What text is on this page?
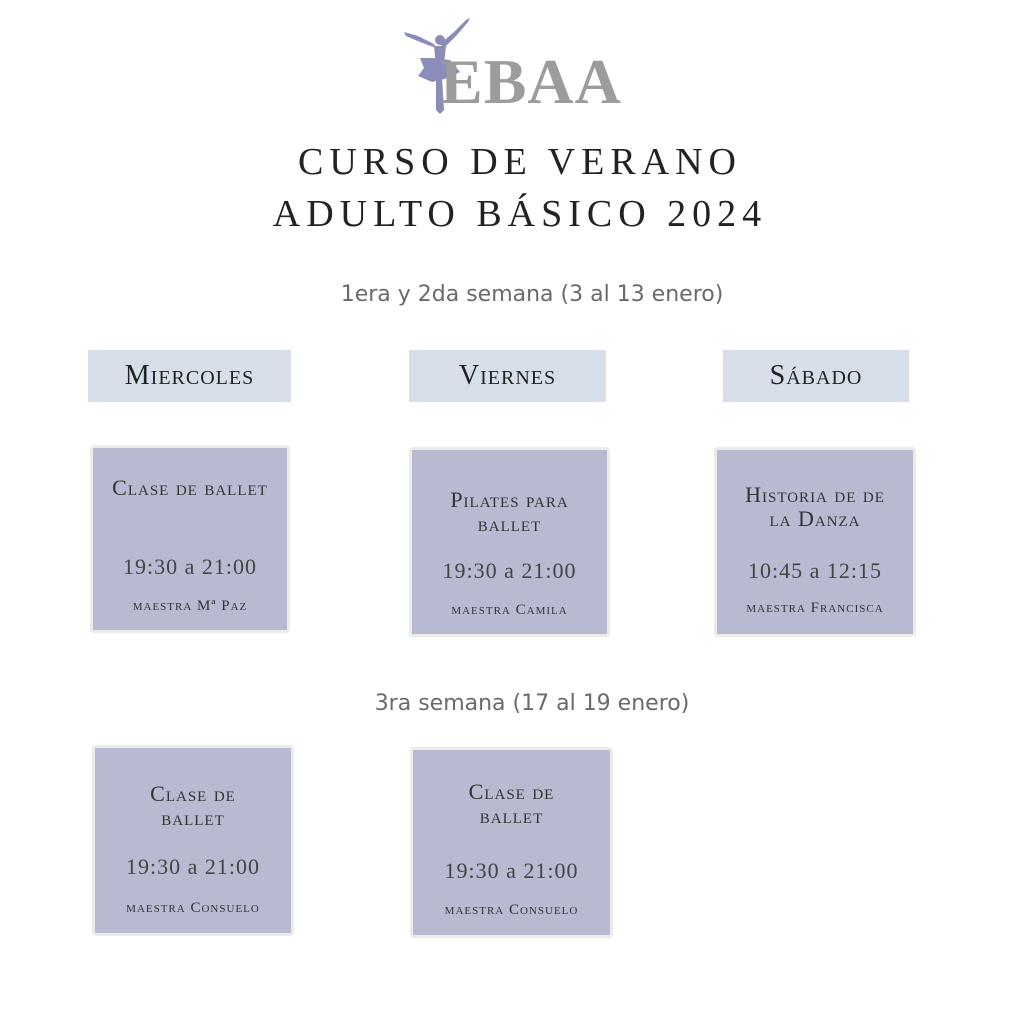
EBAA
CURSO DE VERANO
ADULTO BÁSICO 2024
1era y 2da semana (3 al 13 enero)
Miercoles	Viernes	Sábado
Clase de ballet
19:30 a 21:00
maestra Mª Paz
Pilates para ballet
19:30 a 21:00
maestra Camila
Historia de de la Danza
10:45 a 12:15
maestra Francisca
3ra semana (17 al 19 enero)
Clase de ballet
19:30 a 21:00
maestra Consuelo
Clase de ballet
19:30 a 21:00
maestra Consuelo
